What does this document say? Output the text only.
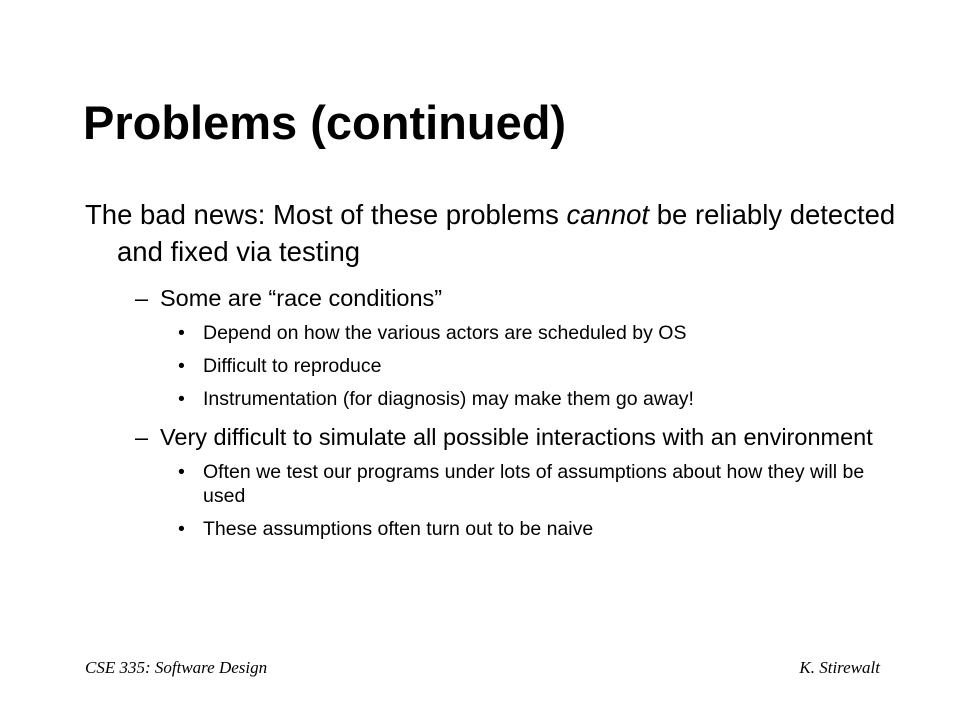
Problems (continued)

The bad news: Most of these problems cannot be reliably detected and fixed via testing

– Some are “race conditions”

• Depend on how the various actors are scheduled by OS

• Difficult to reproduce

• Instrumentation (for diagnosis) may make them go away!

– Very difficult to simulate all possible interactions with an environment

• Often we test our programs under lots of assumptions about how they will be used

• These assumptions often turn out to be naive

CSE 335: Software Design	K. Stirewalt
